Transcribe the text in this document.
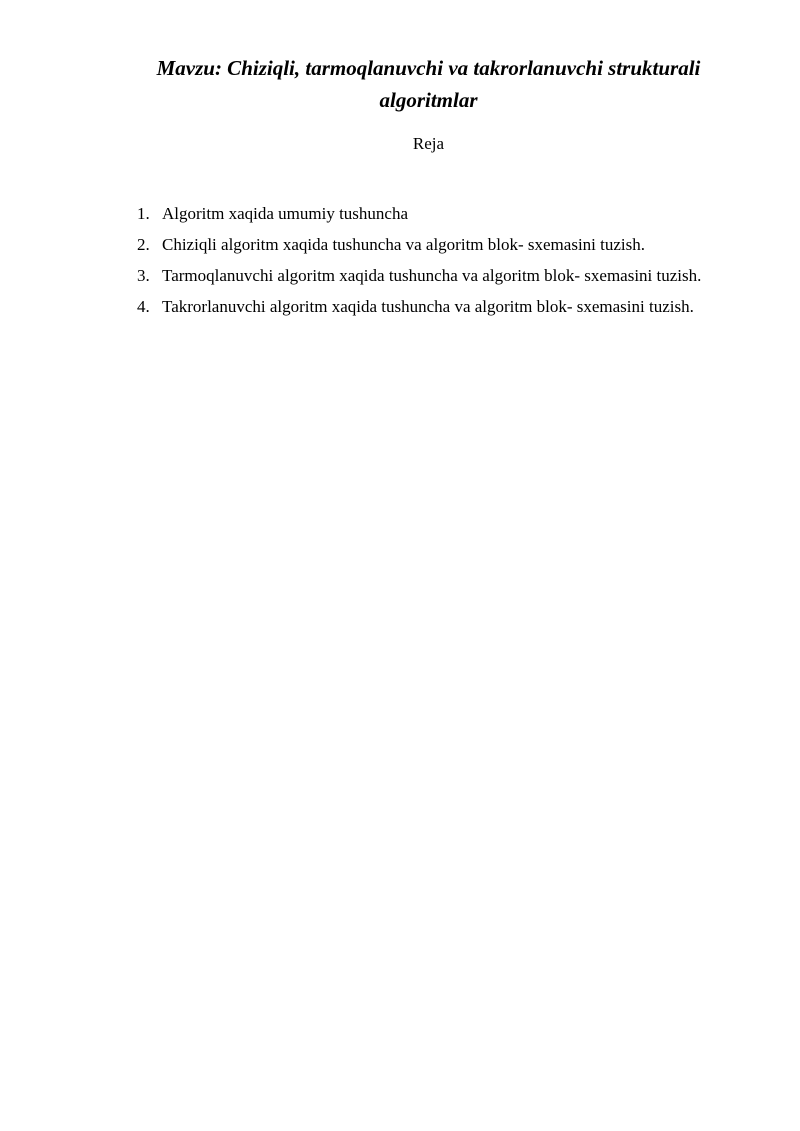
Mavzu: Chiziqli, tarmoqlanuvchi va takrorlanuvchi strukturali algoritmlar

Reja

1. Algoritm xaqida umumiy tushuncha
2. Chiziqli algoritm xaqida tushuncha va algoritm blok- sxemasini tuzish.
3. Tarmoqlanuvchi algoritm xaqida tushuncha va algoritm blok- sxemasini tuzish.
4. Takrorlanuvchi algoritm xaqida tushuncha va algoritm blok- sxemasini tuzish.
